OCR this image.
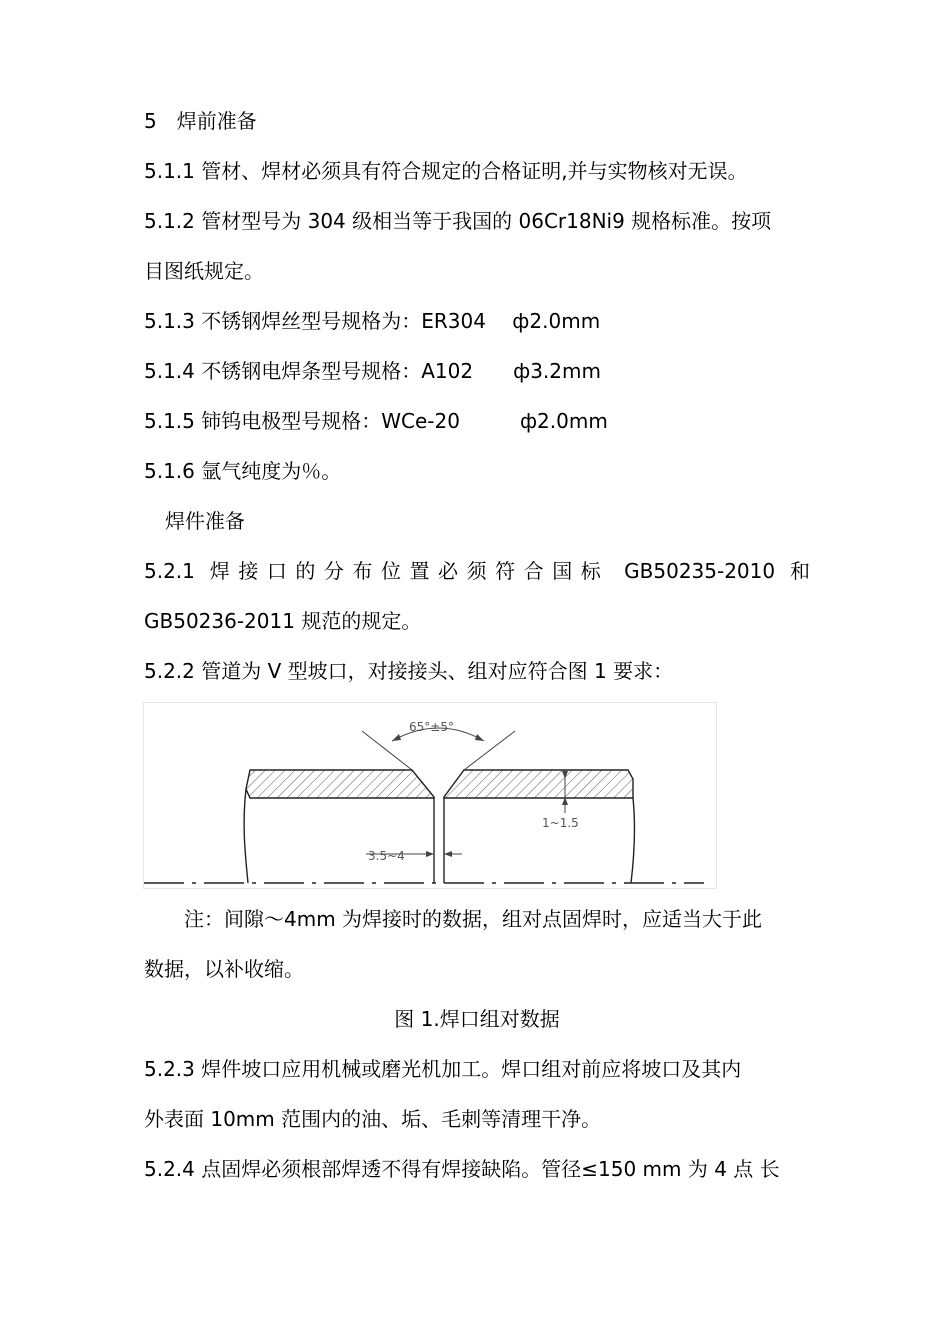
5　焊前准备
5.1.1 管材、焊材必须具有符合规定的合格证明,并与实物核对无误。
5.1.2 管材型号为 304 级相当等于我国的 06Cr18Ni9 规格标准。按项
目图纸规定。
5.1.3 不锈钢焊丝型号规格为：ER304　 ф2.0mm
5.1.4 不锈钢电焊条型号规格：A102　　ф3.2mm
5.1.5 铈钨电极型号规格：WCe-20　　　ф2.0mm
5.1.6 氩气纯度为％。
焊件准备
5.2.1 焊接口的分布位置必须符合国标 GB50235-2010 和
GB50236-2011 规范的规定。
5.2.2 管道为 V 型坡口，对接接头、组对应符合图 1 要求：
65°±5°
1~1.5
3.5~4
注：间隙～4mm 为焊接时的数据，组对点固焊时，应适当大于此
数据，以补收缩。
图 1.焊口组对数据
5.2.3 焊件坡口应用机械或磨光机加工。焊口组对前应将坡口及其内
外表面 10mm 范围内的油、垢、毛刺等清理干净。
5.2.4 点固焊必须根部焊透不得有焊接缺陷。管径≤150 mm 为 4 点 长
